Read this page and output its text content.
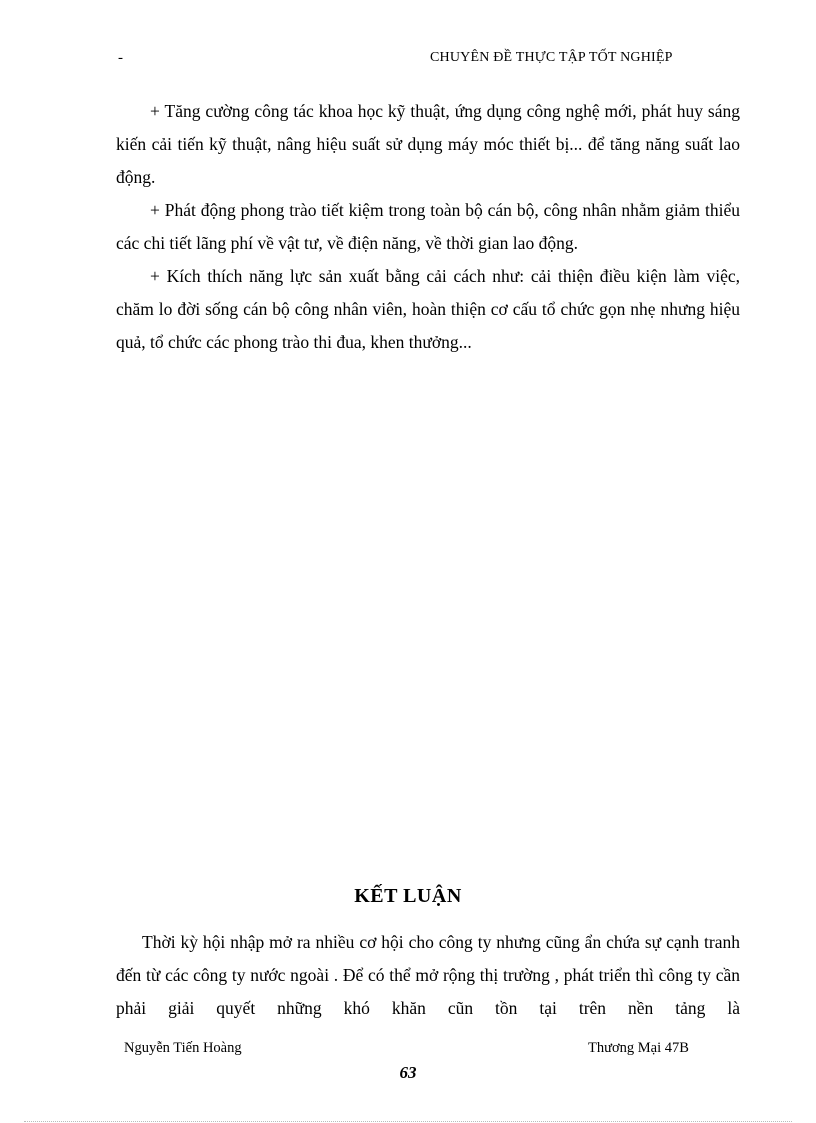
-	CHUYÊN ĐỀ THỰC TẬP TỐT NGHIỆP

+ Tăng cường công tác khoa học kỹ thuật, ứng dụng công nghệ mới, phát huy sáng kiến cải tiến kỹ thuật, nâng hiệu suất sử dụng máy móc thiết bị... để tăng năng suất lao động.

+ Phát động phong trào tiết kiệm trong toàn bộ cán bộ, công nhân nhằm giảm thiểu các chi tiết lãng phí về vật tư, về điện năng, về thời gian lao động.

+ Kích thích năng lực sản xuất bằng cải cách như: cải thiện điều kiện làm việc, chăm lo đời sống cán bộ công nhân viên, hoàn thiện cơ cấu tổ chức gọn nhẹ nhưng hiệu quả, tổ chức các phong trào thi đua, khen thưởng...

KẾT LUẬN

Thời kỳ hội nhập mở ra nhiều cơ hội cho công ty nhưng cũng ẩn chứa sự cạnh tranh đến từ các công ty nước ngoài . Để có thể mở rộng thị trường , phát triển thì công ty cần phải giải quyết những khó khăn cũn tồn tại trên nền tảng là

Nguyễn Tiến Hoàng	Thương Mại 47B
63
